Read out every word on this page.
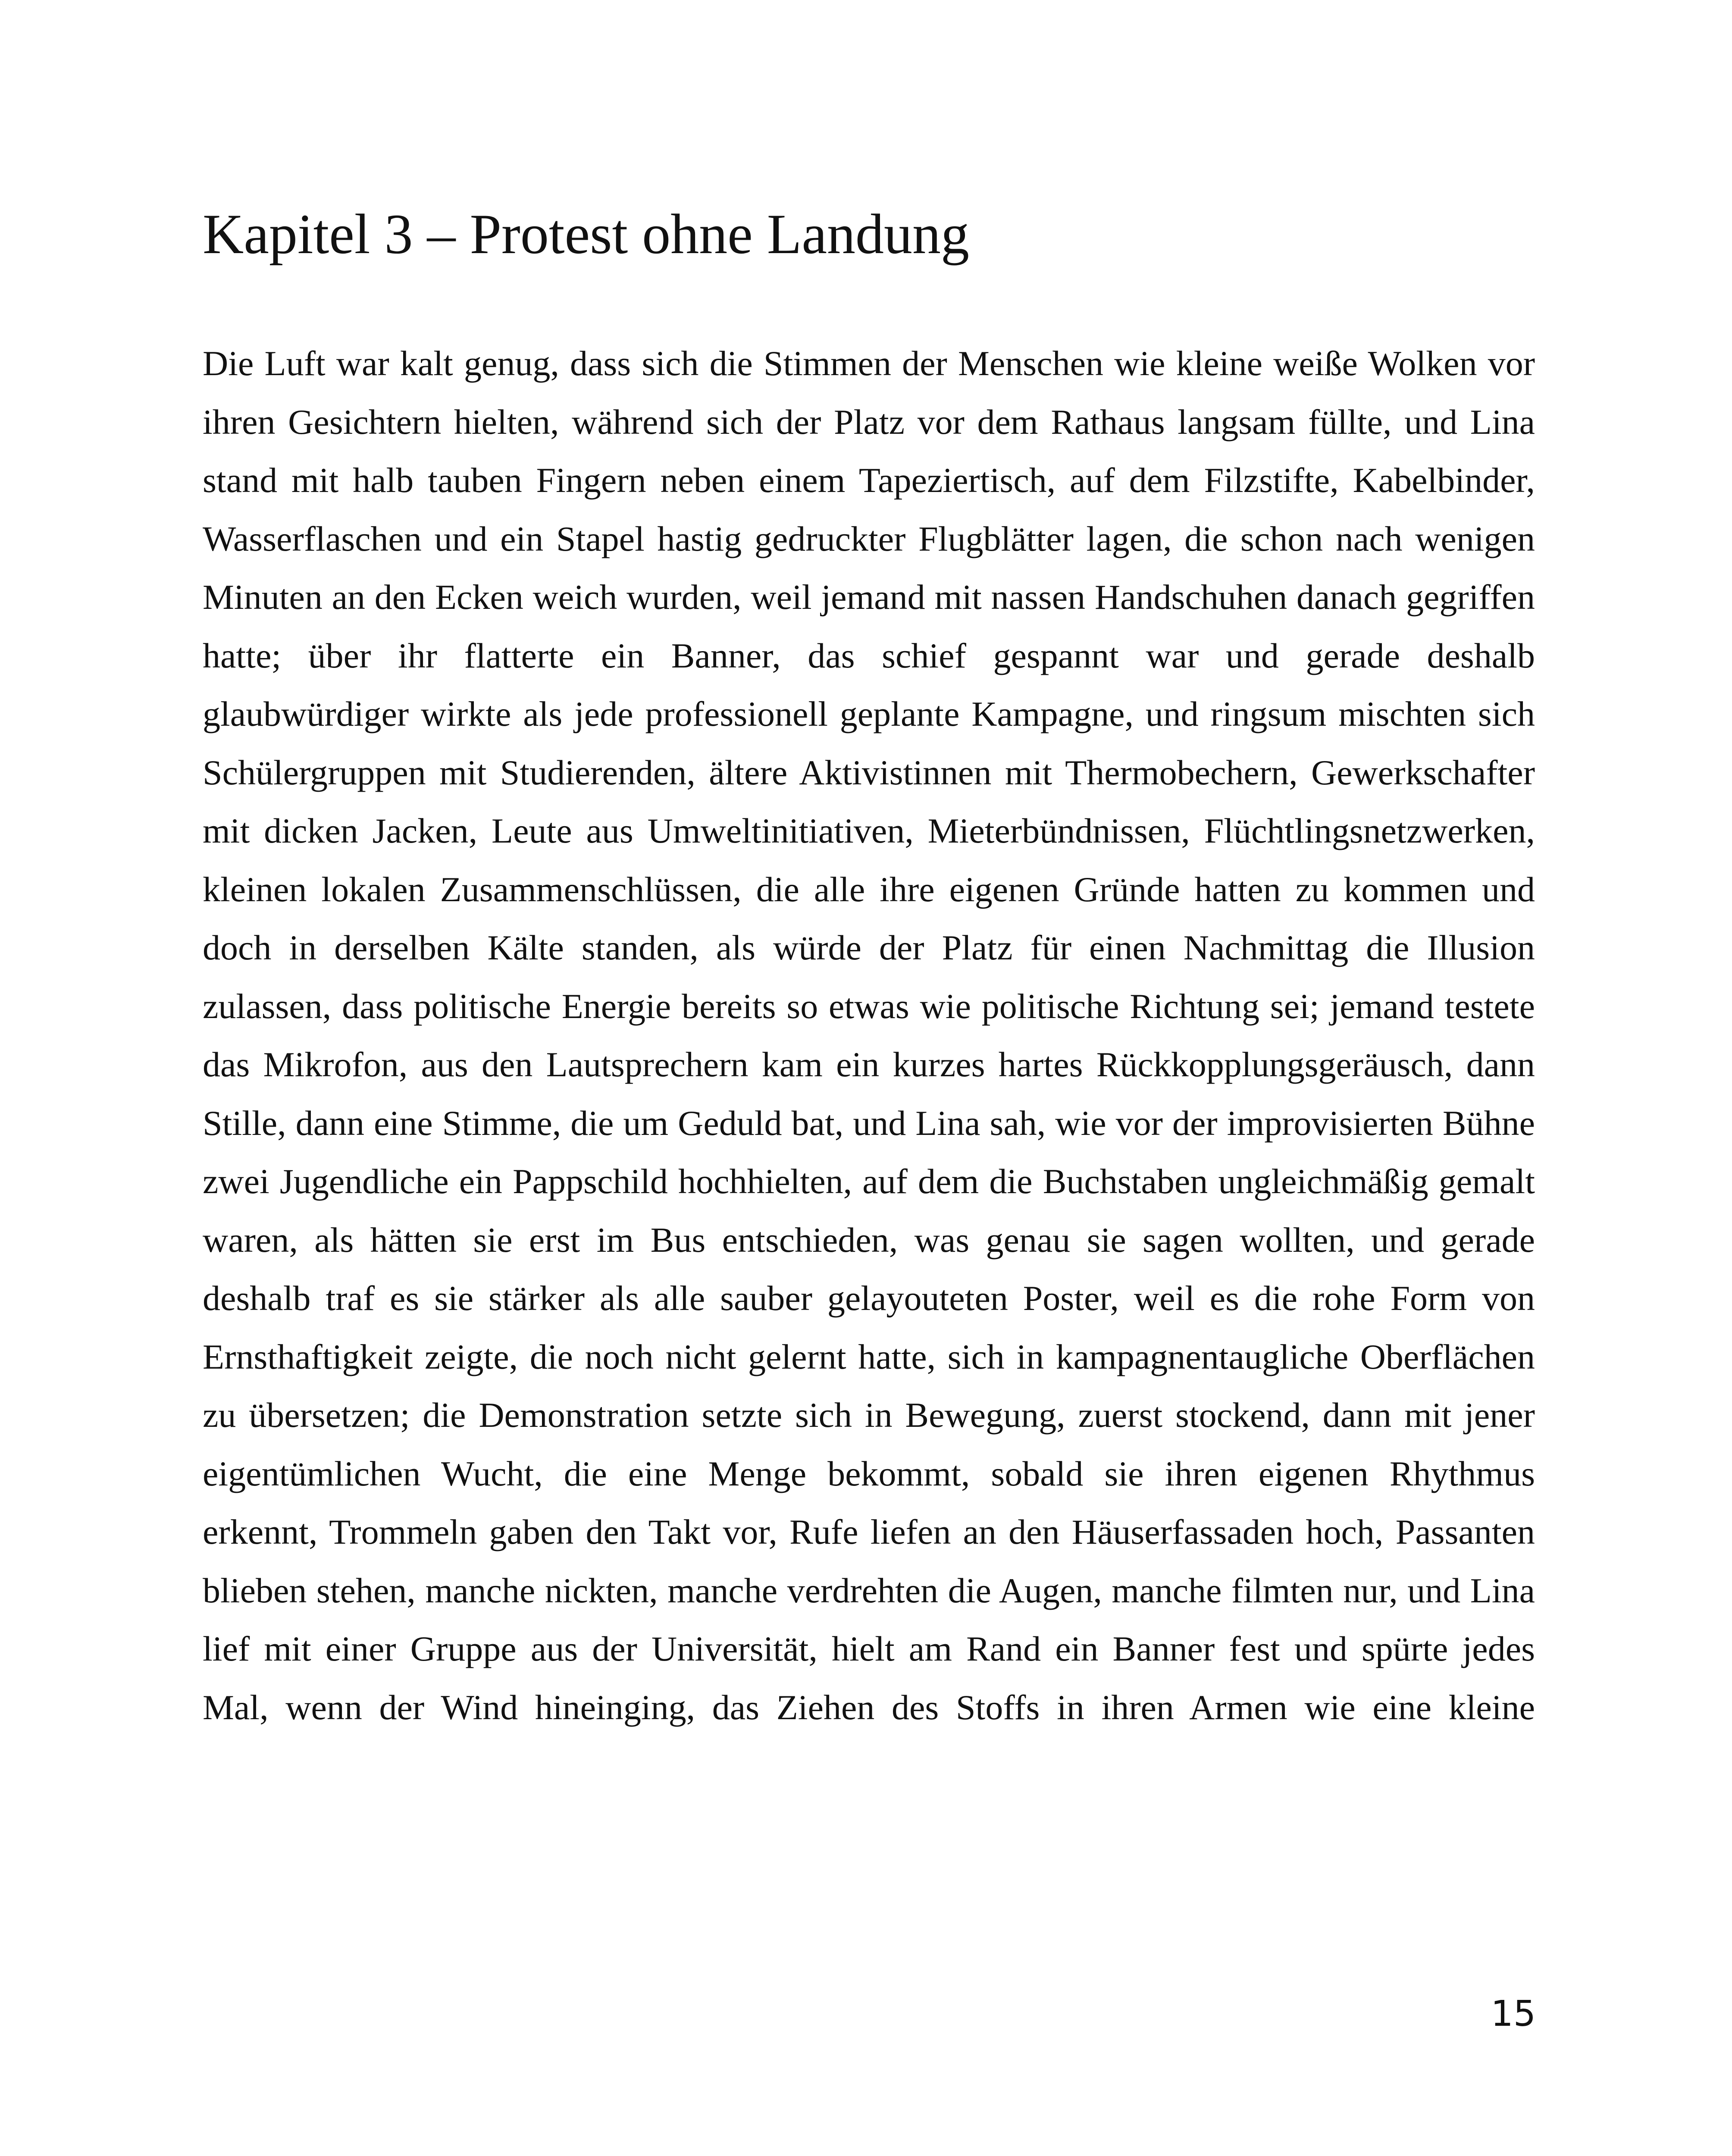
Kapitel 3 – Protest ohne Landung

Die Luft war kalt genug, dass sich die Stimmen der Menschen wie kleine weiße Wolken vor ihren Gesichtern hielten, während sich der Platz vor dem Rathaus langsam füllte, und Lina stand mit halb tauben Fingern neben einem Tapeziertisch, auf dem Filzstifte, Kabelbinder, Wasserflaschen und ein Stapel hastig gedruckter Flugblätter lagen, die schon nach wenigen Minuten an den Ecken weich wurden, weil jemand mit nassen Handschuhen danach gegriffen hatte; über ihr flatterte ein Banner, das schief gespannt war und gerade deshalb glaubwürdiger wirkte als jede professionell geplante Kampagne, und ringsum mischten sich Schülergruppen mit Studierenden, ältere Aktivistinnen mit Thermobechern, Gewerkschafter mit dicken Jacken, Leute aus Umweltinitiativen, Mieterbündnissen, Flüchtlingsnetzwerken, kleinen lokalen Zusammenschlüssen, die alle ihre eigenen Gründe hatten zu kommen und doch in derselben Kälte standen, als würde der Platz für einen Nachmittag die Illusion zulassen, dass politische Energie bereits so etwas wie politische Richtung sei; jemand testete das Mikrofon, aus den Lautsprechern kam ein kurzes hartes Rückkopplungsgeräusch, dann Stille, dann eine Stimme, die um Geduld bat, und Lina sah, wie vor der improvisierten Bühne zwei Jugendliche ein Pappschild hochhielten, auf dem die Buchstaben ungleichmäßig gemalt waren, als hätten sie erst im Bus entschieden, was genau sie sagen wollten, und gerade deshalb traf es sie stärker als alle sauber gelayouteten Poster, weil es die rohe Form von Ernsthaftigkeit zeigte, die noch nicht gelernt hatte, sich in kampagnentaugliche Oberflächen zu übersetzen; die Demonstration setzte sich in Bewegung, zuerst stockend, dann mit jener eigentümlichen Wucht, die eine Menge bekommt, sobald sie ihren eigenen Rhythmus erkennt, Trommeln gaben den Takt vor, Rufe liefen an den Häuserfassaden hoch, Passanten blieben stehen, manche nickten, manche verdrehten die Augen, manche filmten nur, und Lina lief mit einer Gruppe aus der Universität, hielt am Rand ein Banner fest und spürte jedes Mal, wenn der Wind hineinging, das Ziehen des Stoffs in ihren Armen wie eine kleine

15
